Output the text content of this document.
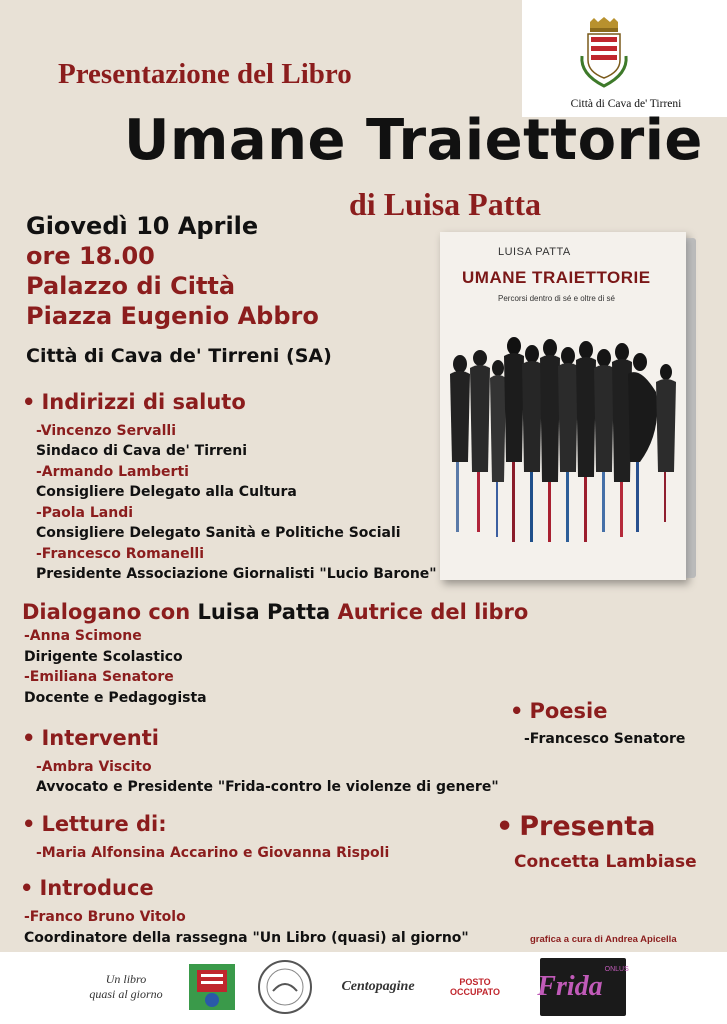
Città di Cava de' Tirreni
Presentazione del Libro
Umane Traiettorie
di Luisa Patta
Giovedì 10 Aprile
ore 18.00
Palazzo di Città
Piazza Eugenio Abbro
Città di Cava de' Tirreni (SA)
LUISA PATTA
UMANE TRAIETTORIE
Percorsi dentro di sé e oltre di sé
• Indirizzi di saluto
-Vincenzo Servalli
Sindaco di Cava de' Tirreni
-Armando Lamberti
Consigliere Delegato alla Cultura
-Paola Landi
Consigliere Delegato Sanità e Politiche Sociali
-Francesco Romanelli
Presidente Associazione Giornalisti "Lucio Barone"
Dialogano con Luisa Patta Autrice del libro
-Anna Scimone
Dirigente Scolastico
-Emiliana Senatore
Docente e Pedagogista
• Poesie
-Francesco Senatore
• Interventi
-Ambra Viscito
Avvocato e Presidente "Frida-contro le violenze di genere"
• Letture di:
-Maria Alfonsina Accarino e Giovanna Rispoli
• Presenta
Concetta Lambiase
• Introduce
-Franco Bruno Vitolo
Coordinatore della rassegna "Un Libro (quasi) al giorno"	grafica a cura di Andrea Apicella
Un libro
quasi al giorno	Centopagine	POSTO
OCCUPATO Frida
ONLUS
